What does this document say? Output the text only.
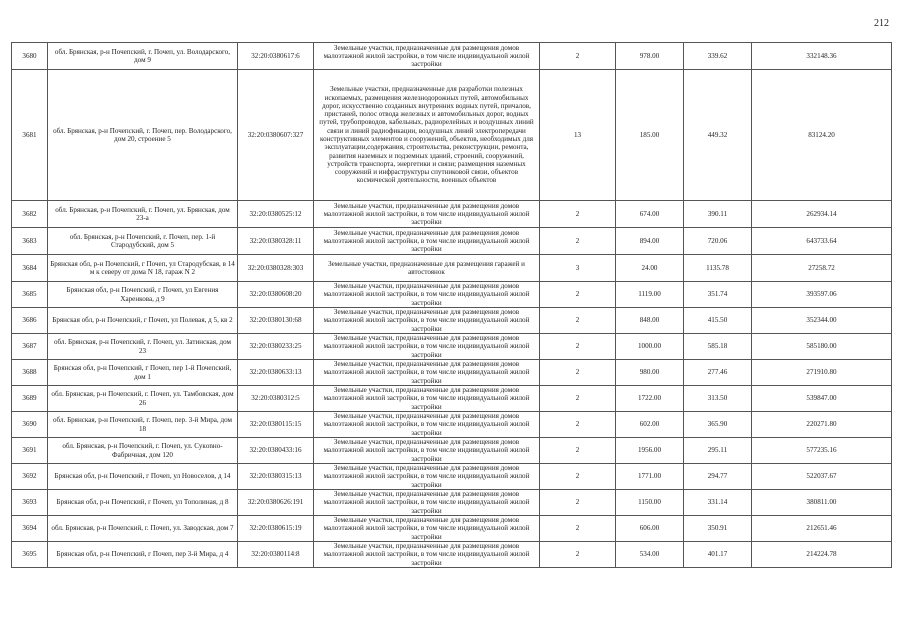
212
3680	обл. Брянская, р-н Почепский, г. Почеп, ул. Володарского, дом 9	32:20:0380617:6	Земельные участки, предназначенные для размещения домов малоэтажной жилой застройки, в том числе индивидуальной жилой застройки	2	978.00	339.62	332148.36
3681	обл. Брянская, р-н Почепский, г. Почеп, пер. Володарского, дом 20, строение 5	32:20:0380607:327	Земельные участки, предназначенные для разработки полезных ископаемых, размещения железнодорожных путей, автомобильных дорог, искусственно созданных внутренних водных путей, причалов, пристаней, полос отвода железных и автомобильных дорог, водных путей, трубопроводов, кабельных, радиорелейных и воздушных линий связи и линий радиофикации, воздушных линий электропередачи конструктивных элементов и сооружений, объектов, необходимых для эксплуатации,содержания, строительства, реконструкции, ремонта, развития наземных и подземных зданий, строений, сооружений, устройств транспорта, энергетики и связи; размещения наземных сооружений и инфраструктуры спутниковой связи, объектов космической деятельности, военных объектов	13	185.00	449.32	83124.20
3682	обл. Брянская, р-н Почепский, г. Почеп, ул. Брянская, дом 23-а	32:20:0380525:12	Земельные участки, предназначенные для размещения домов малоэтажной жилой застройки, в том числе индивидуальной жилой застройки	2	674.00	390.11	262934.14
3683	обл. Брянская, р-н Почепский, г. Почеп, пер. 1-й Стародубский, дом 5	32:20:0380328:11	Земельные участки, предназначенные для размещения домов малоэтажной жилой застройки, в том числе индивидуальной жилой застройки	2	894.00	720.06	643733.64
3684	Брянская обл, р-н Почепский, г Почеп, ул Стародубская, в 14 м к северу от дома N 18, гараж N 2	32:20:0380328:303	Земельные участки, предназначенные для размещения гаражей и автостоянок	3	24.00	1135.78	27258.72
3685	Брянская обл, р-н Почепский, г Почеп, ул Евгения Харенкова, д 9	32:20:0380608:20	Земельные участки, предназначенные для размещения домов малоэтажной жилой застройки, в том числе индивидуальной жилой застройки	2	1119.00	351.74	393597.06
3686	Брянская обл, р-н Почепский, г Почеп, ул Полевая, д 5, кв 2	32:20:0380130:68	Земельные участки, предназначенные для размещения домов малоэтажной жилой застройки, в том числе индивидуальной жилой застройки	2	848.00	415.50	352344.00
3687	обл. Брянская, р-н Почепский, г. Почеп, ул. Затинская, дом 23	32:20:0380233:25	Земельные участки, предназначенные для размещения домов малоэтажной жилой застройки, в том числе индивидуальной жилой застройки	2	1000.00	585.18	585180.00
3688	Брянская обл, р-н Почепский, г Почеп, пер 1-й Почепский, дом 1	32:20:0380633:13	Земельные участки, предназначенные для размещения домов малоэтажной жилой застройки, в том числе индивидуальной жилой застройки	2	980.00	277.46	271910.80
3689	обл. Брянская, р-н Почепский, г. Почеп, ул. Тамбовская, дом 26	32:20:0380312:5	Земельные участки, предназначенные для размещения домов малоэтажной жилой застройки, в том числе индивидуальной жилой застройки	2	1722.00	313.50	539847.00
3690	обл. Брянская, р-н Почепский, г. Почеп, пер. 3-й Мира, дом 18	32:20:0380115:15	Земельные участки, предназначенные для размещения домов малоэтажной жилой застройки, в том числе индивидуальной жилой застройки	2	602.00	365.90	220271.80
3691	обл. Брянская, р-н Почепский, г. Почеп, ул. Сукonно-Фабричная, дом 120	32:20:0380433:16	Земельные участки, предназначенные для размещения домов малоэтажной жилой застройки, в том числе индивидуальной жилой застройки	2	1956.00	295.11	577235.16
3692	Брянская обл, р-н Почепский, г Почеп, ул Новоселов, д 14	32:20:0380315:13	Земельные участки, предназначенные для размещения домов малоэтажной жилой застройки, в том числе индивидуальной жилой застройки	2	1771.00	294.77	522037.67
3693	Брянская обл, р-н Почепский, г Почеп, ул Тополиная, д 8	32:20:0380626:191	Земельные участки, предназначенные для размещения домов малоэтажной жилой застройки, в том числе индивидуальной жилой застройки	2	1150.00	331.14	380811.00
3694	обл. Брянская, р-н Почепский, г. Почеп, ул. Заводская, дом 7	32:20:0380615:19	Земельные участки, предназначенные для размещения домов малоэтажной жилой застройки, в том числе индивидуальной жилой застройки	2	606.00	350.91	212651.46
3695	Брянская обл, р-н Почепский, г Почеп, пер 3-й Мира, д 4	32:20:0380114:8	Земельные участки, предназначенные для размещения домов малоэтажной жилой застройки, в том числе индивидуальной жилой застройки	2	534.00	401.17	214224.78
